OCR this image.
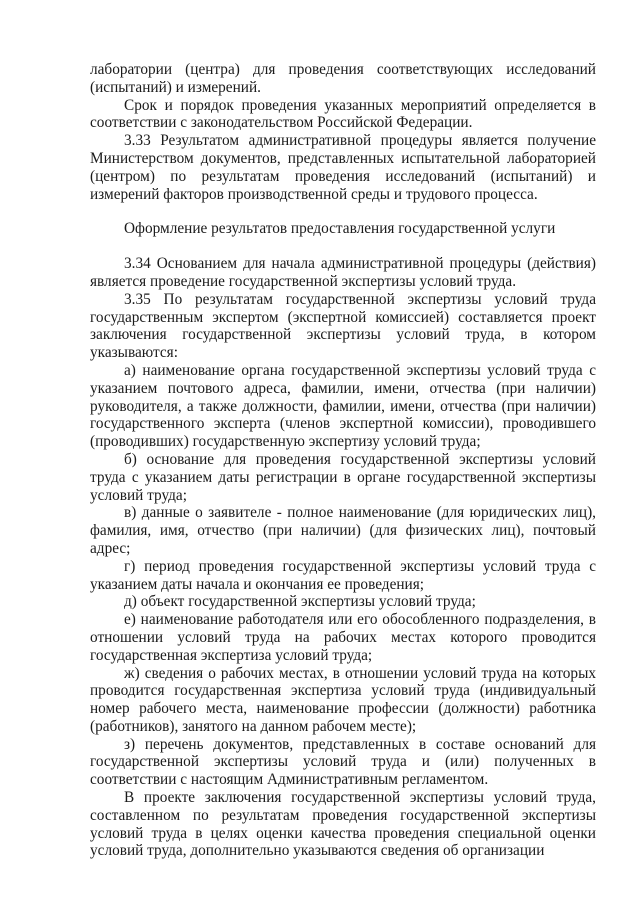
лаборатории (центра) для проведения соответствующих исследований (испытаний) и измерений.

Срок и порядок проведения указанных мероприятий определяется в соответствии с законодательством Российской Федерации.

3.33 Результатом административной процедуры является получение Министерством документов, представленных испытательной лабораторией (центром) по результатам проведения исследований (испытаний) и измерений факторов производственной среды и трудового процесса.

Оформление результатов предоставления государственной услуги

3.34 Основанием для начала административной процедуры (действия) является проведение государственной экспертизы условий труда.

3.35 По результатам государственной экспертизы условий труда государственным экспертом (экспертной комиссией) составляется проект заключения государственной экспертизы условий труда, в котором указываются:

а) наименование органа государственной экспертизы условий труда с указанием почтового адреса, фамилии, имени, отчества (при наличии) руководителя, а также должности, фамилии, имени, отчества (при наличии) государственного эксперта (членов экспертной комиссии), проводившего (проводивших) государственную экспертизу условий труда;

б) основание для проведения государственной экспертизы условий труда с указанием даты регистрации в органе государственной экспертизы условий труда;

в) данные о заявителе - полное наименование (для юридических лиц), фамилия, имя, отчество (при наличии) (для физических лиц), почтовый адрес;

г) период проведения государственной экспертизы условий труда с указанием даты начала и окончания ее проведения;

д) объект государственной экспертизы условий труда;

е) наименование работодателя или его обособленного подразделения, в отношении условий труда на рабочих местах которого проводится государственная экспертиза условий труда;

ж) сведения о рабочих местах, в отношении условий труда на которых проводится государственная экспертиза условий труда (индивидуальный номер рабочего места, наименование профессии (должности) работника (работников), занятого на данном рабочем месте);

з) перечень документов, представленных в составе оснований для государственной экспертизы условий труда и (или) полученных в соответствии с настоящим Административным регламентом.

В проекте заключения государственной экспертизы условий труда, составленном по результатам проведения государственной экспертизы условий труда в целях оценки качества проведения специальной оценки условий труда, дополнительно указываются сведения об организации
